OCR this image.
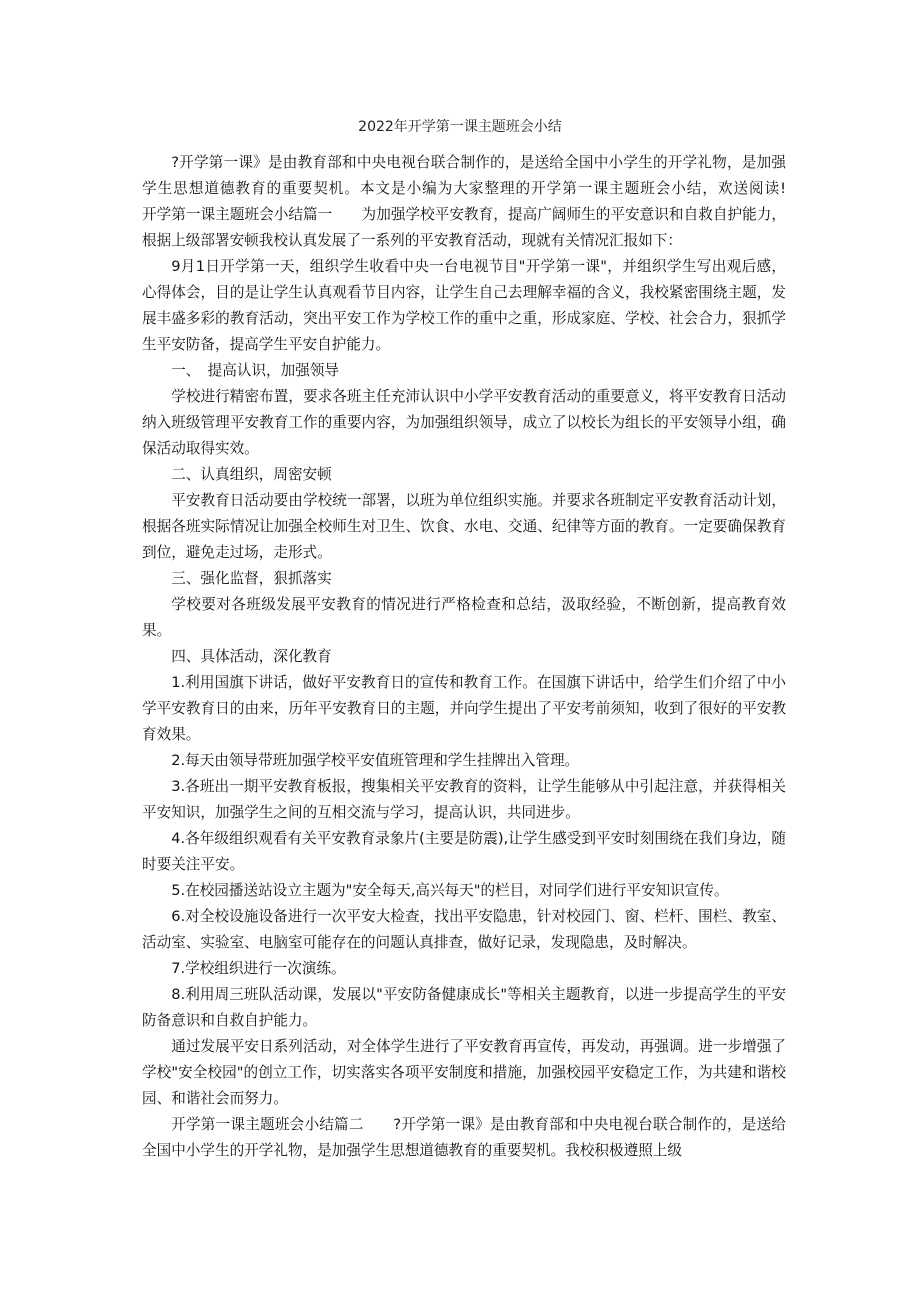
2022年开学第一课主题班会小结

?开学第一课》是由教育部和中央电视台联合制作的，是送给全国中小学生的开学礼物，是加强学生思想道德教育的重要契机。本文是小编为大家整理的开学第一课主题班会小结，欢送阅读!　　开学第一课主题班会小结篇一　　为加强学校平安教育，提高广阔师生的平安意识和自救自护能力，根据上级部署安顿我校认真发展了一系列的平安教育活动，现就有关情况汇报如下：

9月1日开学第一天，组织学生收看中央一台电视节目"开学第一课"，并组织学生写出观后感，心得体会，目的是让学生认真观看节目内容，让学生自己去理解幸福的含义，我校紧密围绕主题，发展丰盛多彩的教育活动，突出平安工作为学校工作的重中之重，形成家庭、学校、社会合力，狠抓学生平安防备，提高学生平安自护能力。

一、　提高认识，加强领导

学校进行精密布置，要求各班主任充沛认识中小学平安教育活动的重要意义，将平安教育日活动纳入班级管理平安教育工作的重要内容，为加强组织领导，成立了以校长为组长的平安领导小组，确保活动取得实效。

二、认真组织，周密安顿

平安教育日活动要由学校统一部署，以班为单位组织实施。并要求各班制定平安教育活动计划，根据各班实际情况让加强全校师生对卫生、饮食、水电、交通、纪律等方面的教育。一定要确保教育到位，避免走过场，走形式。

三、强化监督，狠抓落实

学校要对各班级发展平安教育的情况进行严格检查和总结，汲取经验，不断创新，提高教育效果。

四、具体活动，深化教育

1.利用国旗下讲话，做好平安教育日的宣传和教育工作。在国旗下讲话中，给学生们介绍了中小学平安教育日的由来，历年平安教育日的主题，并向学生提出了平安考前须知，收到了很好的平安教育效果。

2.每天由领导带班加强学校平安值班管理和学生挂牌出入管理。

3.各班出一期平安教育板报，搜集相关平安教育的资料，让学生能够从中引起注意，并获得相关平安知识，加强学生之间的互相交流与学习，提高认识，共同进步。

4.各年级组织观看有关平安教育录象片(主要是防震),让学生感受到平安时刻围绕在我们身边，随时要关注平安。

5.在校园播送站设立主题为"安全每天,高兴每天"的栏目，对同学们进行平安知识宣传。

6.对全校设施设备进行一次平安大检查，找出平安隐患，针对校园门、窗、栏杆、围栏、教室、活动室、实验室、电脑室可能存在的问题认真排查，做好记录，发现隐患，及时解决。

7.学校组织进行一次演练。

8.利用周三班队活动课，发展以"平安防备健康成长"等相关主题教育，以进一步提高学生的平安防备意识和自救自护能力。

通过发展平安日系列活动，对全体学生进行了平安教育再宣传，再发动，再强调。进一步增强了学校"安全校园"的创立工作，切实落实各项平安制度和措施，加强校园平安稳定工作，为共建和谐校园、和谐社会而努力。

开学第一课主题班会小结篇二　　?开学第一课》是由教育部和中央电视台联合制作的，是送给全国中小学生的开学礼物，是加强学生思想道德教育的重要契机。我校积极遵照上级
